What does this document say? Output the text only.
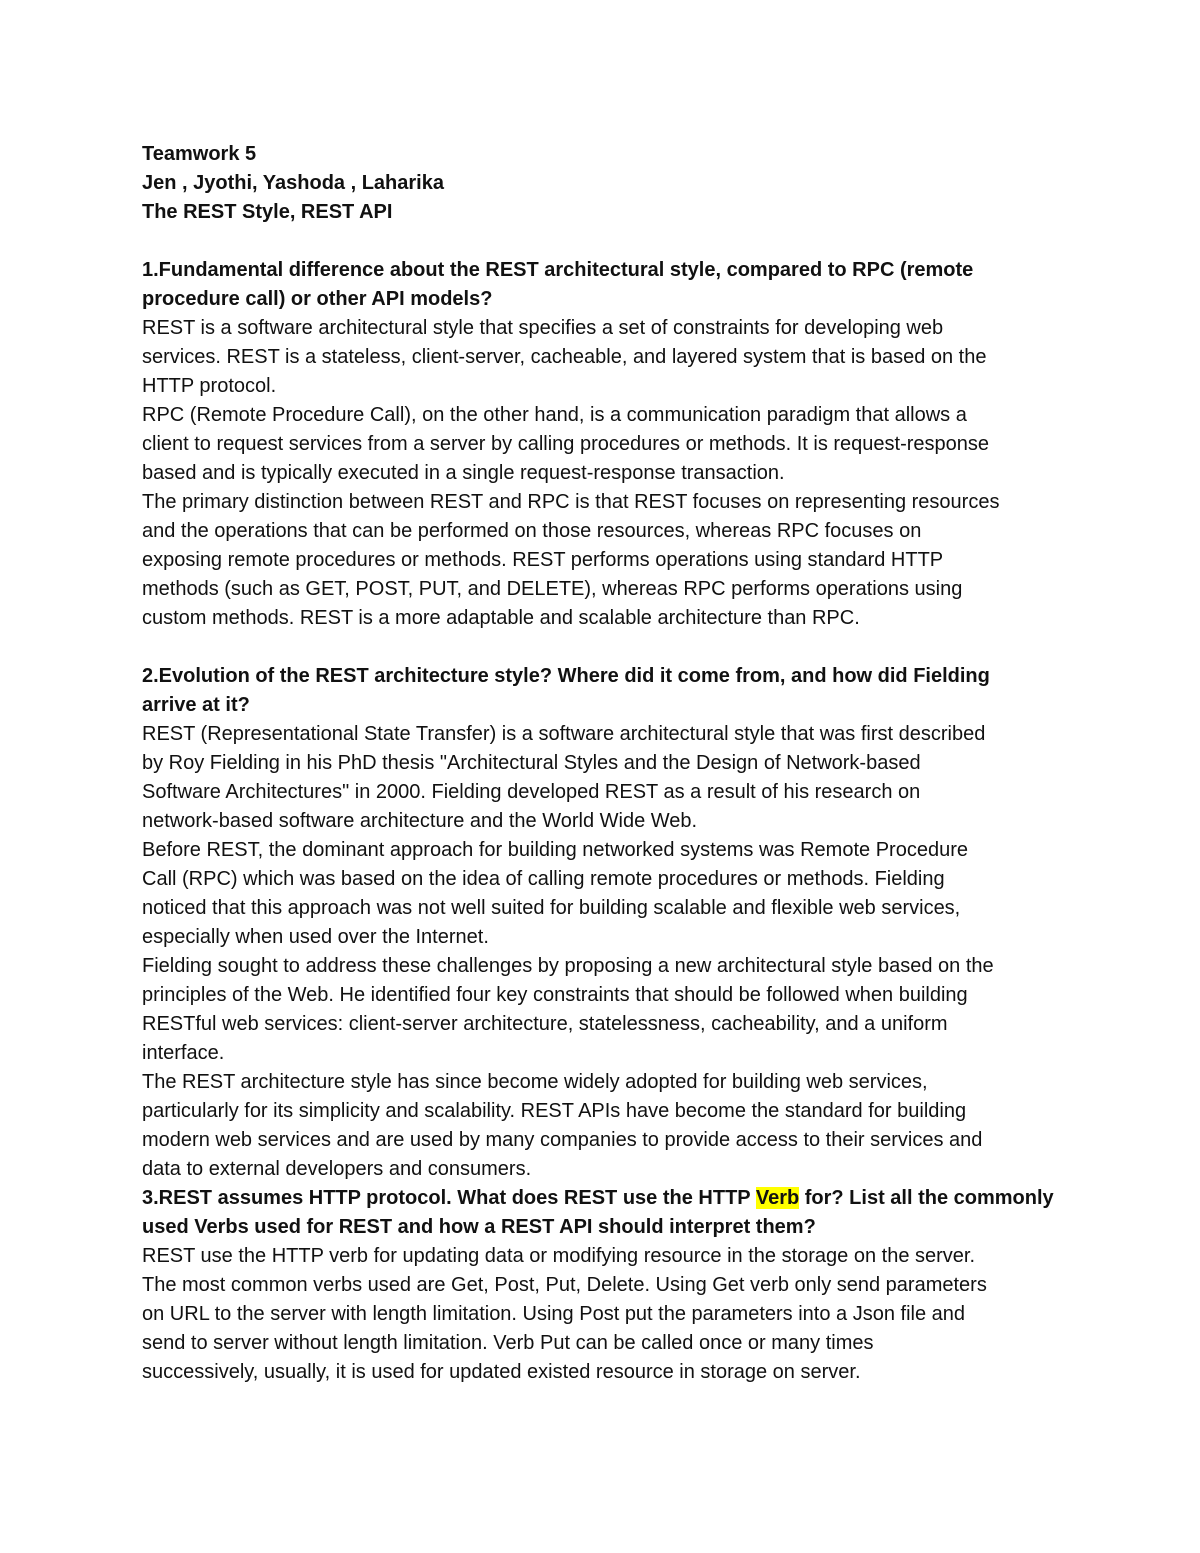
Teamwork 5
Jen , Jyothi, Yashoda , Laharika
The REST Style, REST API
1.Fundamental difference about the REST architectural style, compared to RPC (remote
procedure call) or other API models?
REST is a software architectural style that specifies a set of constraints for developing web
services. REST is a stateless, client-server, cacheable, and layered system that is based on the
HTTP protocol.
RPC (Remote Procedure Call), on the other hand, is a communication paradigm that allows a
client to request services from a server by calling procedures or methods. It is request-response
based and is typically executed in a single request-response transaction.
The primary distinction between REST and RPC is that REST focuses on representing resources
and the operations that can be performed on those resources, whereas RPC focuses on
exposing remote procedures or methods. REST performs operations using standard HTTP
methods (such as GET, POST, PUT, and DELETE), whereas RPC performs operations using
custom methods. REST is a more adaptable and scalable architecture than RPC.
2.Evolution of the REST architecture style? Where did it come from, and how did Fielding
arrive at it?
REST (Representational State Transfer) is a software architectural style that was first described
by Roy Fielding in his PhD thesis "Architectural Styles and the Design of Network-based
Software Architectures" in 2000. Fielding developed REST as a result of his research on
network-based software architecture and the World Wide Web.
Before REST, the dominant approach for building networked systems was Remote Procedure
Call (RPC) which was based on the idea of calling remote procedures or methods. Fielding
noticed that this approach was not well suited for building scalable and flexible web services,
especially when used over the Internet.
Fielding sought to address these challenges by proposing a new architectural style based on the
principles of the Web. He identified four key constraints that should be followed when building
RESTful web services: client-server architecture, statelessness, cacheability, and a uniform
interface.
The REST architecture style has since become widely adopted for building web services,
particularly for its simplicity and scalability. REST APIs have become the standard for building
modern web services and are used by many companies to provide access to their services and
data to external developers and consumers.
3.REST assumes HTTP protocol. What does REST use the HTTP Verb for? List all the commonly
used Verbs used for REST and how a REST API should interpret them?
REST use the HTTP verb for updating data or modifying resource in the storage on the server.
The most common verbs used are Get, Post, Put, Delete. Using Get verb only send parameters
on URL to the server with length limitation. Using Post put the parameters into a Json file and
send to server without length limitation. Verb Put can be called once or many times
successively, usually, it is used for updated existed resource in storage on server.
